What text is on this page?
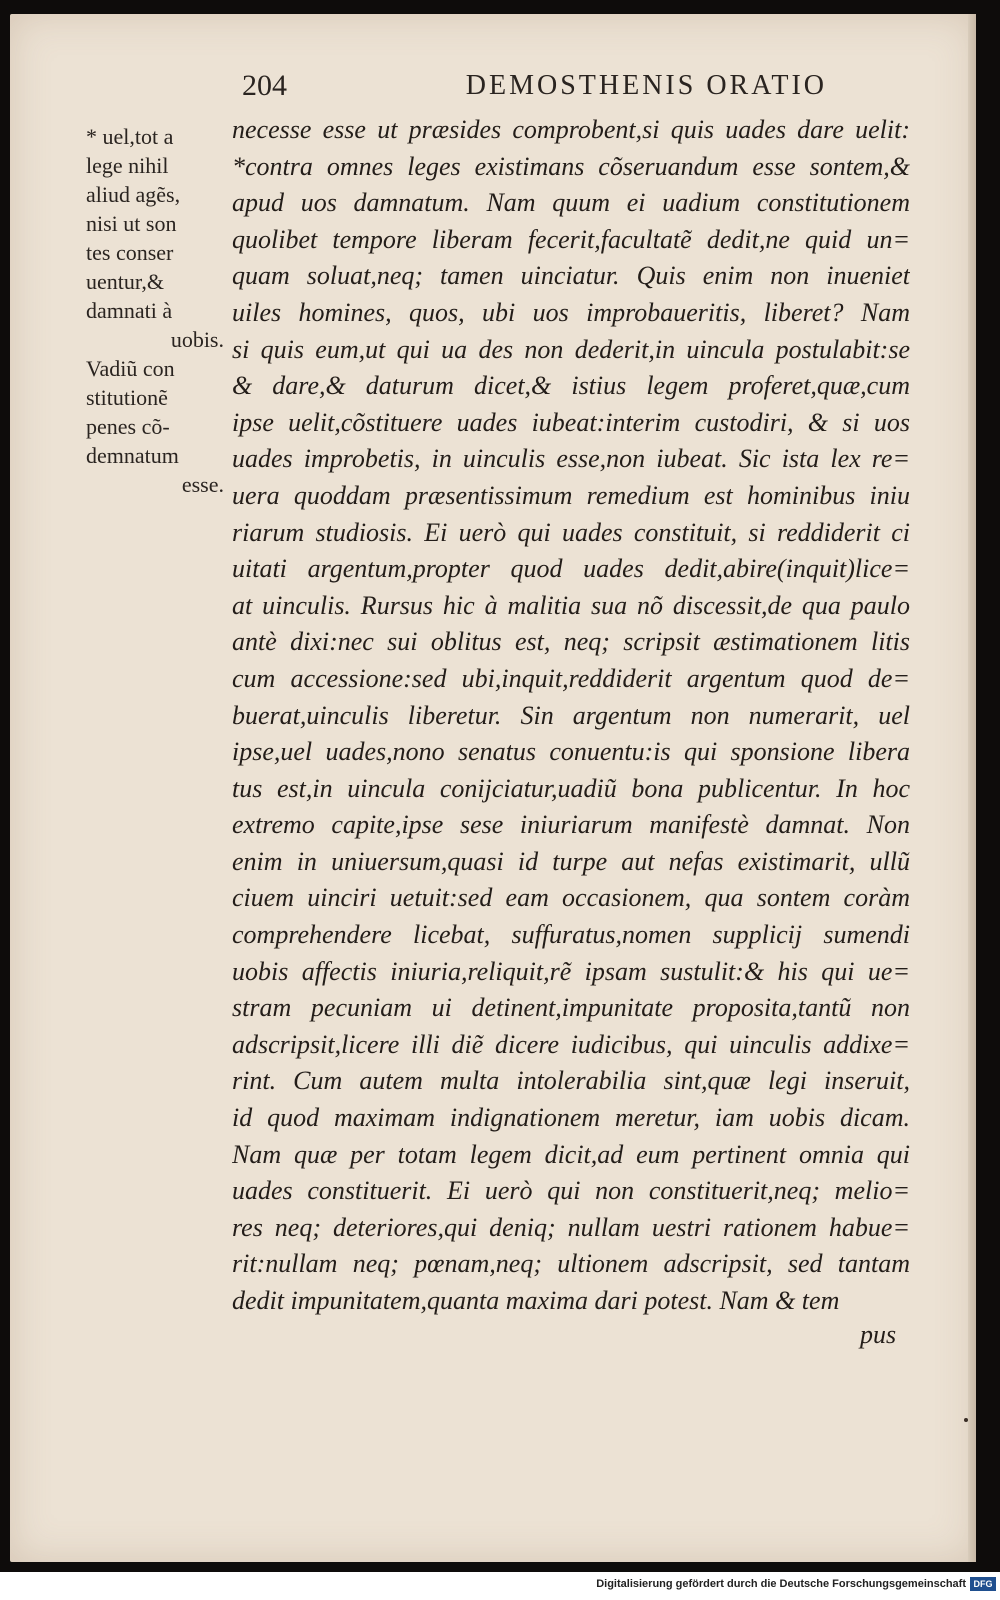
204	DEMOSTHENIS ORATIO
* uel,tot a
lege nihil
aliud agẽs,
nisi ut son
tes conser
uentur,&
damnati à
uobis.
Vadiũ con
stitutionẽ
penes cõ-
demnatum
esse.
necesse esse ut præsides comprobent,si quis uades dare uelit:
*contra omnes leges existimans cõseruandum esse sontem,&
apud uos damnatum. Nam quum ei uadium constitutionem
quolibet tempore liberam fecerit,facultatẽ dedit,ne quid un=
quam soluat,neq; tamen uinciatur. Quis enim non inueniet
uiles homines, quos, ubi uos improbaueritis, liberet? Nam
si quis eum,ut qui ua des non dederit,in uincula postulabit:se
& dare,& daturum dicet,& istius legem proferet,quæ,cum
ipse uelit,cõstituere uades iubeat:interim custodiri, & si uos
uades improbetis, in uinculis esse,non iubeat. Sic ista lex re=
uera quoddam præsentissimum remedium est hominibus iniu
riarum studiosis. Ei uerò qui uades constituit, si reddiderit ci
uitati argentum,propter quod uades dedit,abire(inquit)lice=
at uinculis. Rursus hic à malitia sua nõ discessit,de qua paulo
antè dixi:nec sui oblitus est, neq; scripsit æstimationem litis
cum accessione:sed ubi,inquit,reddiderit argentum quod de=
buerat,uinculis liberetur. Sin argentum non numerarit, uel
ipse,uel uades,nono senatus conuentu:is qui sponsione libera
tus est,in uincula conijciatur,uadiũ bona publicentur. In hoc
extremo capite,ipse sese iniuriarum manifestè damnat. Non
enim in uniuersum,quasi id turpe aut nefas existimarit, ullũ
ciuem uinciri uetuit:sed eam occasionem, qua sontem coràm
comprehendere licebat, suffuratus,nomen supplicij sumendi
uobis affectis iniuria,reliquit,rẽ ipsam sustulit:& his qui ue=
stram pecuniam ui detinent,impunitate proposita,tantũ non
adscripsit,licere illi diẽ dicere iudicibus, qui uinculis addixe=
rint. Cum autem multa intolerabilia sint,quæ legi inseruit,
id quod maximam indignationem meretur, iam uobis dicam.
Nam quæ per totam legem dicit,ad eum pertinent omnia qui
uades constituerit. Ei uerò qui non constituerit,neq; melio=
res neq; deteriores,qui deniq; nullam uestri rationem habue=
rit:nullam neq; pœnam,neq; ultionem adscripsit, sed tantam
dedit impunitatem,quanta maxima dari potest. Nam & tem
pus
Digitalisierung gefördert durch die Deutsche Forschungsgemeinschaft DFG
